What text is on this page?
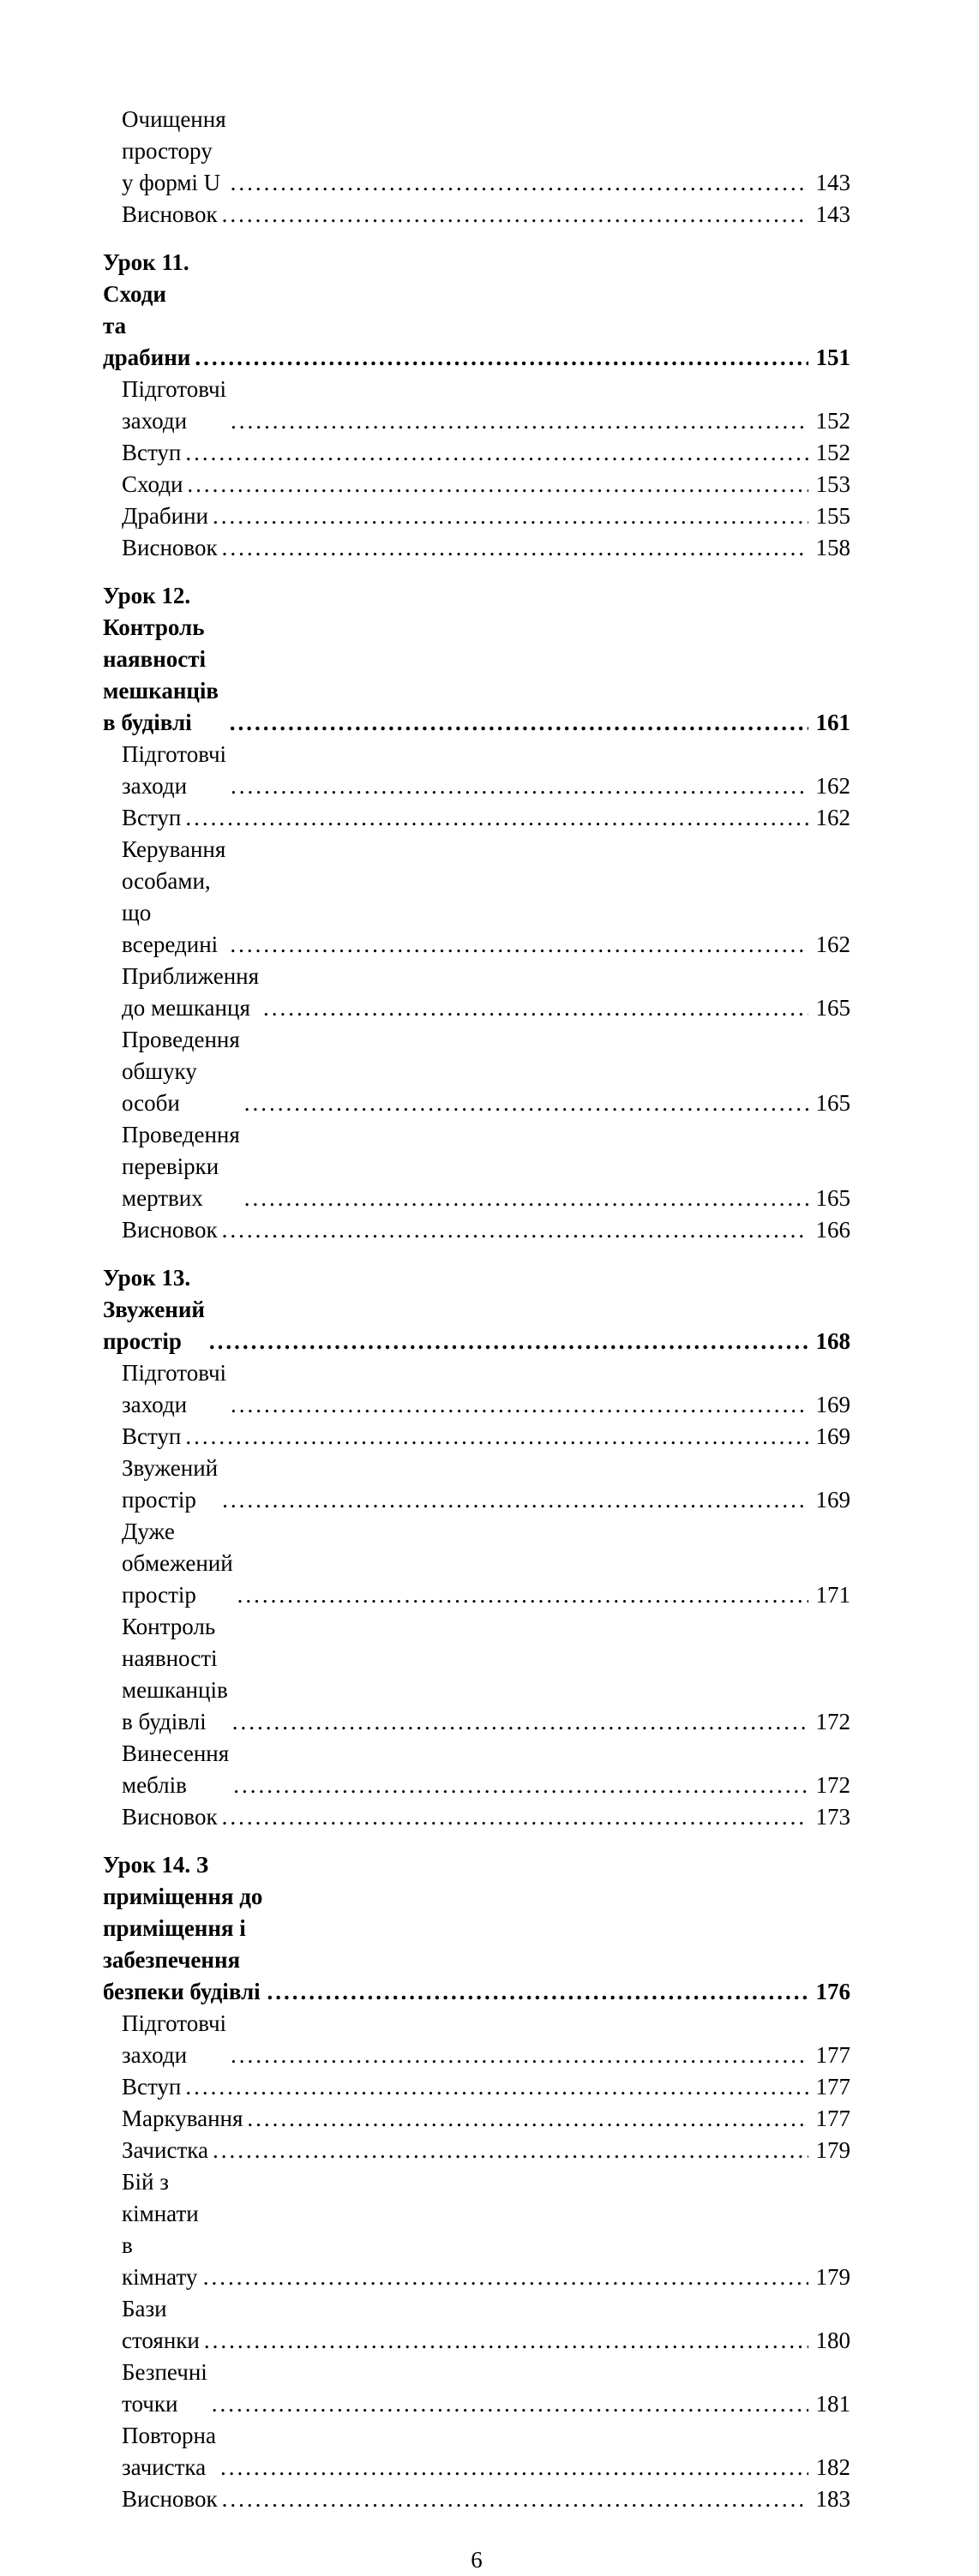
Очищення простору у формі U .....	143
Висновок .....	143
Урок 11. Сходи та драбини .....	151
Підготовчі заходи .....	152
Вступ .....	152
Сходи .....	153
Драбини .....	155
Висновок .....	158
Урок 12. Контроль наявності мешканців в будівлі .....	161
Підготовчі заходи .....	162
Вступ .....	162
Керування особами, що всередині .....	162
Приближення до мешканця .....	165
Проведення обшуку особи .....	165
Проведення перевірки мертвих .....	165
Висновок .....	166
Урок 13. Звужений простір .....	168
Підготовчі заходи .....	169
Вступ .....	169
Звужений простір .....	169
Дуже обмежений простір .....	171
Контроль наявності мешканців в будівлі .....	172
Винесення меблів .....	172
Висновок .....	173
Урок 14. З приміщення до приміщення і забезпечення безпеки будівлі .....	176
Підготовчі заходи .....	177
Вступ .....	177
Маркування .....	177
Зачистка .....	179
Бій з кімнати в кімнату .....	179
Бази стоянки .....	180
Безпечні точки .....	181
Повторна зачистка .....	182
Висновок .....	183
6
